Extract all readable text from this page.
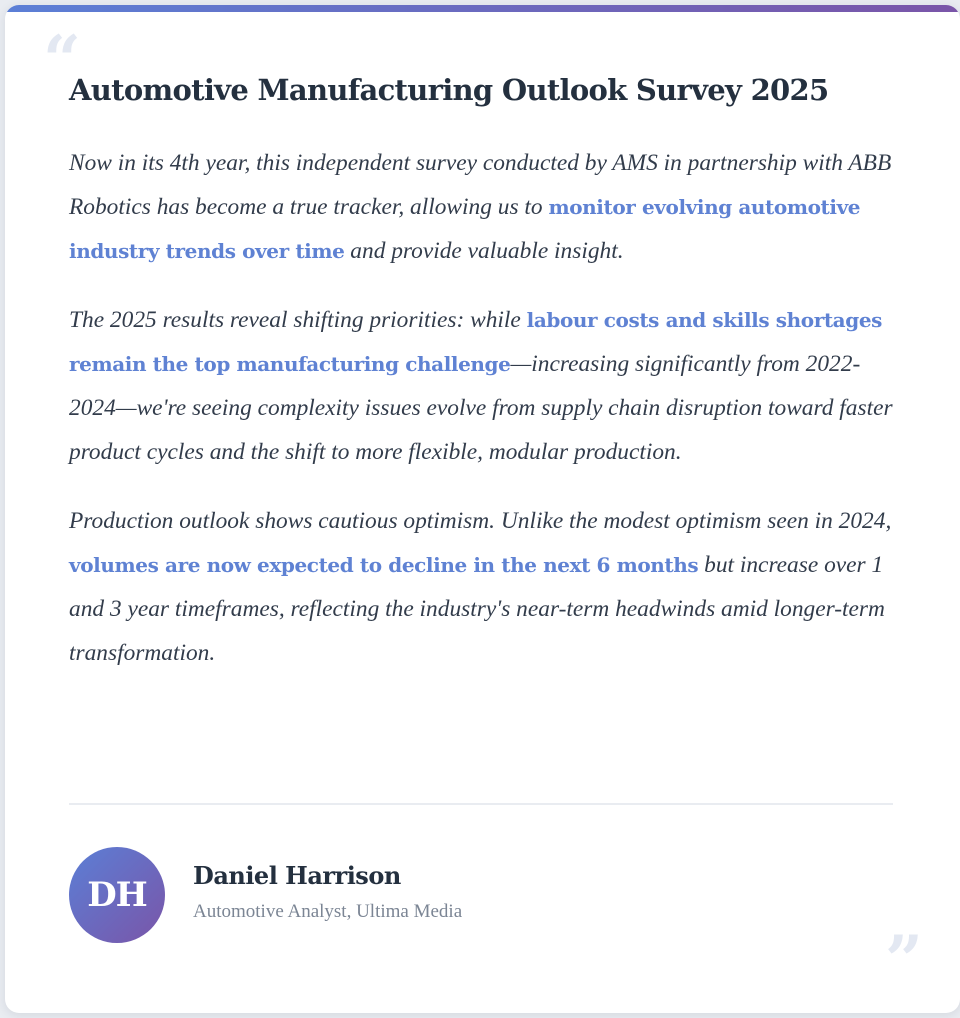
“
Automotive Manufacturing Outlook Survey 2025

Now in its 4th year, this independent survey conducted by AMS in partnership with ABB Robotics has become a true tracker, allowing us to monitor evolving automotive industry trends over time and provide valuable insight.

The 2025 results reveal shifting priorities: while labour costs and skills shortages remain the top manufacturing challenge—increasing significantly from 2022-2024—we're seeing complexity issues evolve from supply chain disruption toward faster product cycles and the shift to more flexible, modular production.

Production outlook shows cautious optimism. Unlike the modest optimism seen in 2024, volumes are now expected to decline in the next 6 months but increase over 1 and 3 year timeframes, reflecting the industry's near-term headwinds amid longer-term transformation.

DH	Daniel Harrison
Automotive Analyst, Ultima Media
”
